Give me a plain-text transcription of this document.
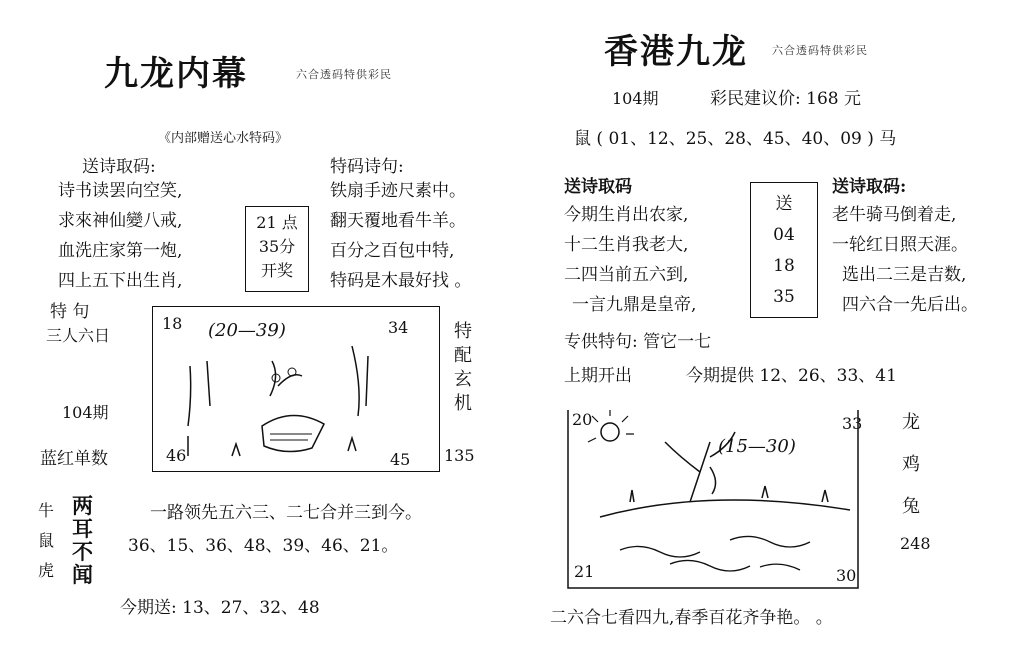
九龙内幕	六合透码特供彩民
《内部赠送心水特码》
送诗取码:
诗书读罢向空笑,
求來神仙變八戒,
血洗庄家第一炮,
四上五下出生肖,
21 点
35分
开奖
特码诗句:
铁扇手迹尺素中。
翻天覆地看牛羊。
百分之百包中特,
特码是木最好找 。
特 句
三人六日
104期
蓝红单数
18 (20—39)	34
46	45
特
配
玄
机
135
牛
鼠
虎
两
耳
不
闻
一路领先五六三、二七合并三到今。
36、15、36、48、39、46、21。
今期送: 13、27、32、48
香港九龙 六合透码特供彩民
104期	彩民建议价: 168 元
鼠 ( 01、12、25、28、45、40、09 ) 马
送诗取码
今期生肖出农家,
十二生肖我老大,
二四当前五六到,
一言九鼎是皇帝,
送
04
18
35
送诗取码:
老牛骑马倒着走,
一轮红日照天涯。
选出二三是吉数,
四六合一先后出。
专供特句: 管它一七
上期开出	今期提供 12、26、33、41
20
(15—30)
33
21	30
龙
鸡
兔
248
二六合七看四九,春季百花齐争艳。 。
